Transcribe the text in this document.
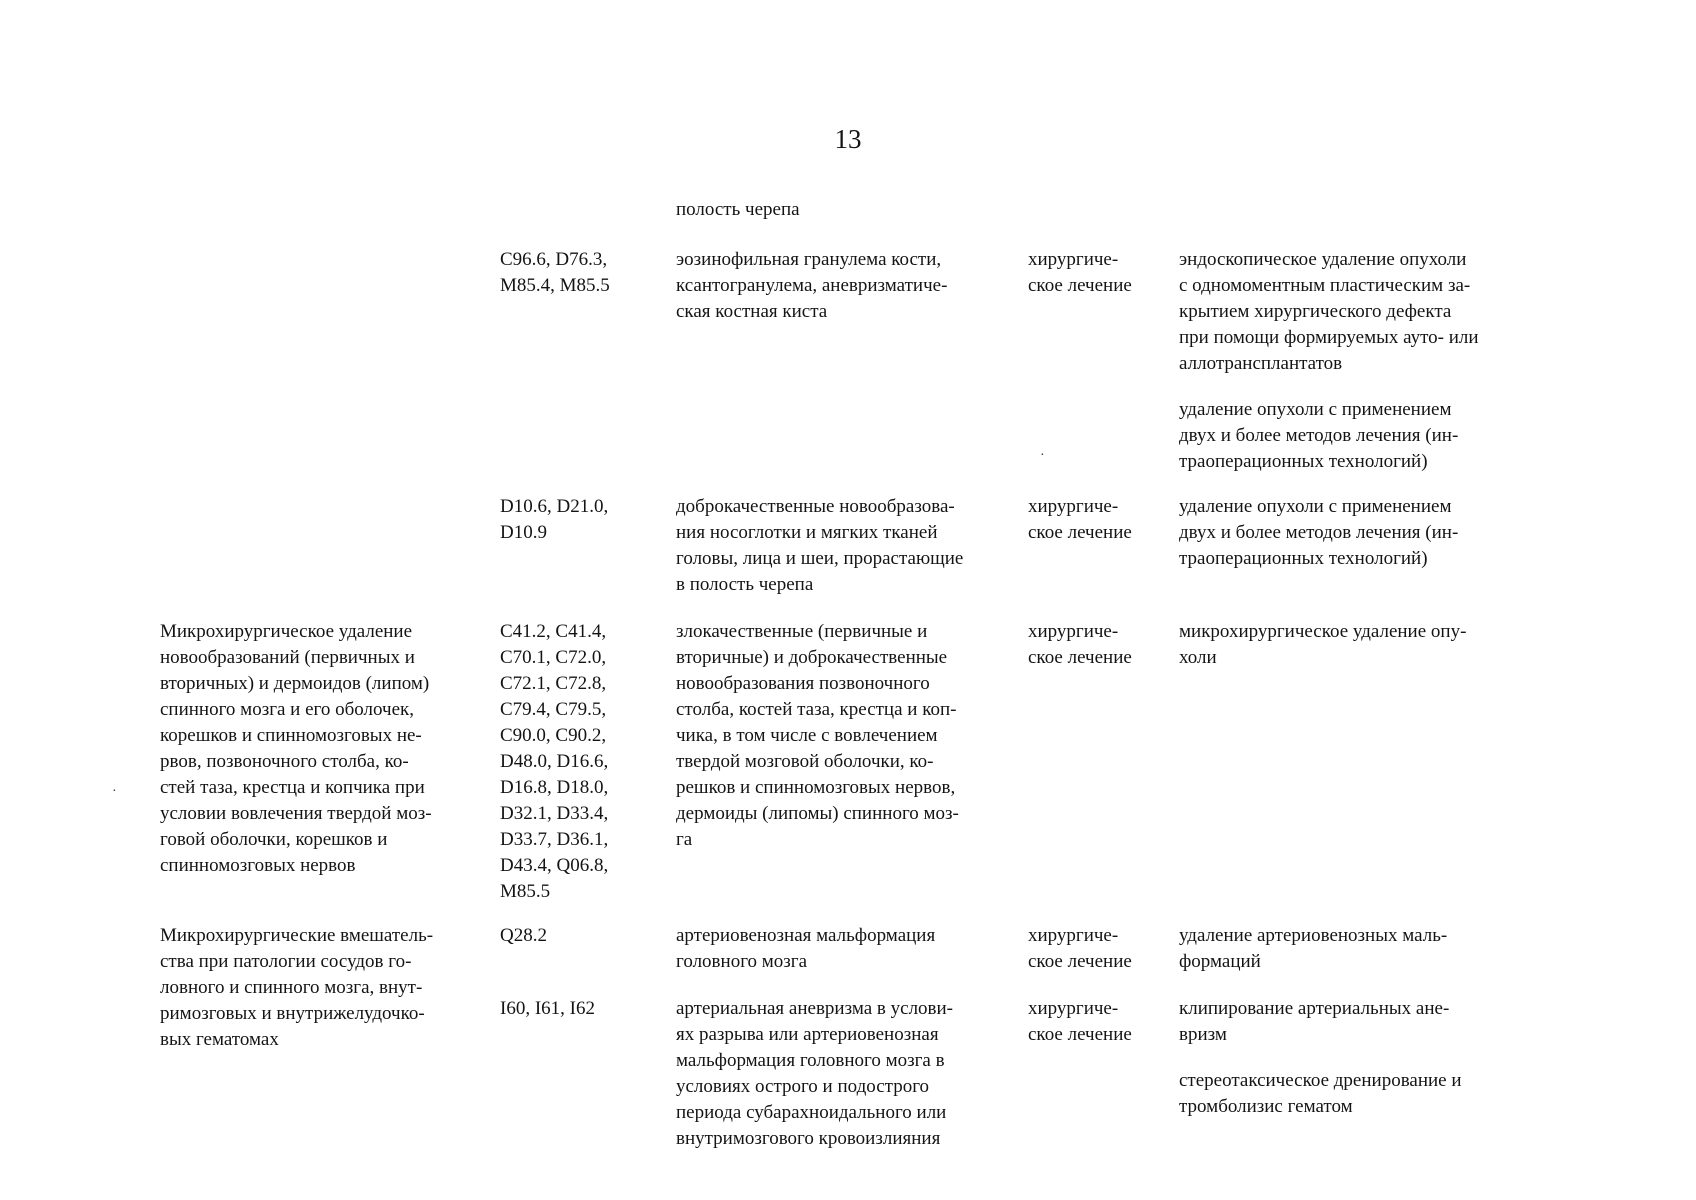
13
полость черепа
C96.6, D76.3,
M85.4, M85.5
эозинофильная гранулема кости,
ксантогранулема, аневризматиче-
ская костная киста
хирургиче-
ское лечение
эндоскопическое удаление опухоли
с одномоментным пластическим за-
крытием хирургического дефекта
при помощи формируемых ауто- или
аллотрансплантатов
удаление опухоли с применением
двух и более методов лечения (ин-
траоперационных технологий)
D10.6, D21.0,
D10.9
доброкачественные новообразова-
ния носоглотки и мягких тканей
головы, лица и шеи, прорастающие
в полость черепа
хирургиче-
ское лечение
удаление опухоли с применением
двух и более методов лечения (ин-
траоперационных технологий)
Микрохирургическое удаление
новообразований (первичных и
вторичных) и дермоидов (липом)
спинного мозга и его оболочек,
корешков и спинномозговых не-
рвов, позвоночного столба, ко-
стей таза, крестца и копчика при
условии вовлечения твердой моз-
говой оболочки, корешков и
спинномозговых нервов
C41.2, C41.4,
C70.1, C72.0,
C72.1, C72.8,
C79.4, C79.5,
C90.0, C90.2,
D48.0, D16.6,
D16.8, D18.0,
D32.1, D33.4,
D33.7, D36.1,
D43.4, Q06.8,
M85.5
злокачественные (первичные и
вторичные) и доброкачественные
новообразования позвоночного
столба, костей таза, крестца и коп-
чика, в том числе с вовлечением
твердой мозговой оболочки, ко-
решков и спинномозговых нервов,
дермоиды (липомы) спинного моз-
га
хирургиче-
ское лечение
микрохирургическое удаление опу-
холи
Микрохирургические вмешатель-
ства при патологии сосудов го-
ловного и спинного мозга, внут-
римозговых и внутрижелудочко-
вых гематомах
Q28.2	артериовенозная мальформация
головного мозга
хирургиче-
ское лечение
удаление артериовенозных маль-
формаций
I60, I61, I62	артериальная аневризма в услови-
ях разрыва или артериовенозная
мальформация головного мозга в
условиях острого и подострого
периода субарахноидального или
внутримозгового кровоизлияния
хирургиче-
ское лечение
клипирование артериальных ане-
вризм
стереотаксическое дренирование и
тромболизис гематом
·
·
